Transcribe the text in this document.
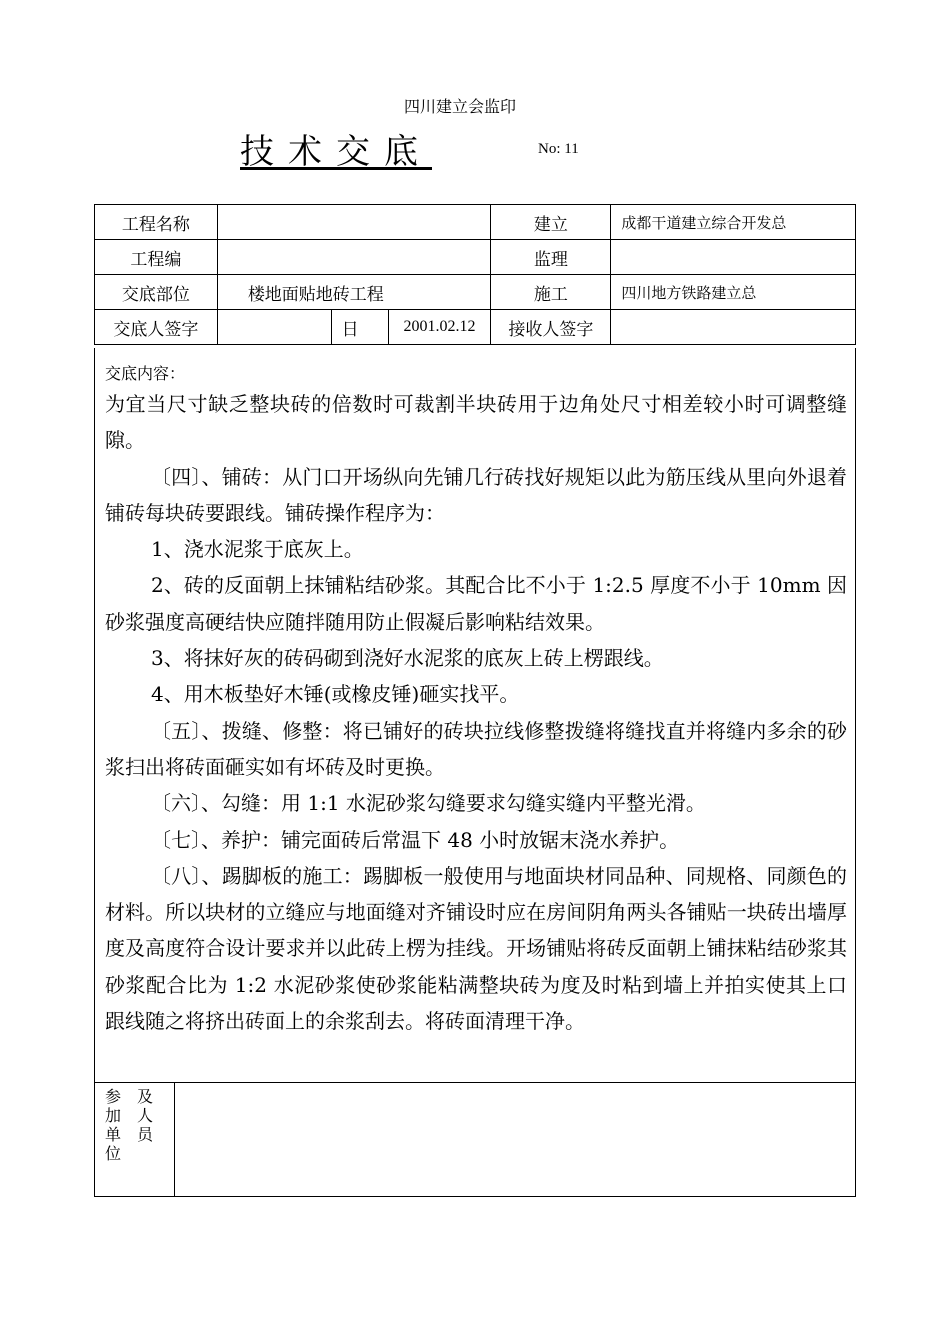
四川建立会监印
技术交底	No: 11
工程名称				建立	成都干道建立综合开发总
工程编				监理	
交底部位	楼地面贴地砖工程			施工	四川地方铁路建立总
交底人签字		日	2001.02.12	接收人签字	
交底内容：

为宜当尺寸缺乏整块砖的倍数时可裁割半块砖用于边角处尺寸相差较小时可调整缝隙。

〔四〕、铺砖：从门口开场纵向先铺几行砖找好规矩以此为筋压线从里向外退着铺砖每块砖要跟线。铺砖操作程序为：

1、浇水泥浆于底灰上。

2、砖的反面朝上抹铺粘结砂浆。其配合比不小于 1:2.5 厚度不小于 10mm 因砂浆强度高硬结快应随拌随用防止假凝后影响粘结效果。

3、将抹好灰的砖码砌到浇好水泥浆的底灰上砖上楞跟线。

4、用木板垫好木锤(或橡皮锤)砸实找平。

〔五〕、拨缝、修整：将已铺好的砖块拉线修整拨缝将缝找直并将缝内多余的砂浆扫出将砖面砸实如有坏砖及时更换。

〔六〕、勾缝：用 1:1 水泥砂浆勾缝要求勾缝实缝内平整光滑。

〔七〕、养护：铺完面砖后常温下 48 小时放锯末浇水养护。

〔八〕、踢脚板的施工：踢脚板一般使用与地面块材同品种、同规格、同颜色的材料。所以块材的立缝应与地面缝对齐铺设时应在房间阴角两头各铺贴一块砖出墙厚度及高度符合设计要求并以此砖上楞为挂线。开场铺贴将砖反面朝上铺抹粘结砂浆其砂浆配合比为 1:2 水泥砂浆使砂浆能粘满整块砖为度及时粘到墙上并拍实使其上口跟线随之将挤出砖面上的余浆刮去。将砖面清理干净。

参 及
加 人
单 员
位
